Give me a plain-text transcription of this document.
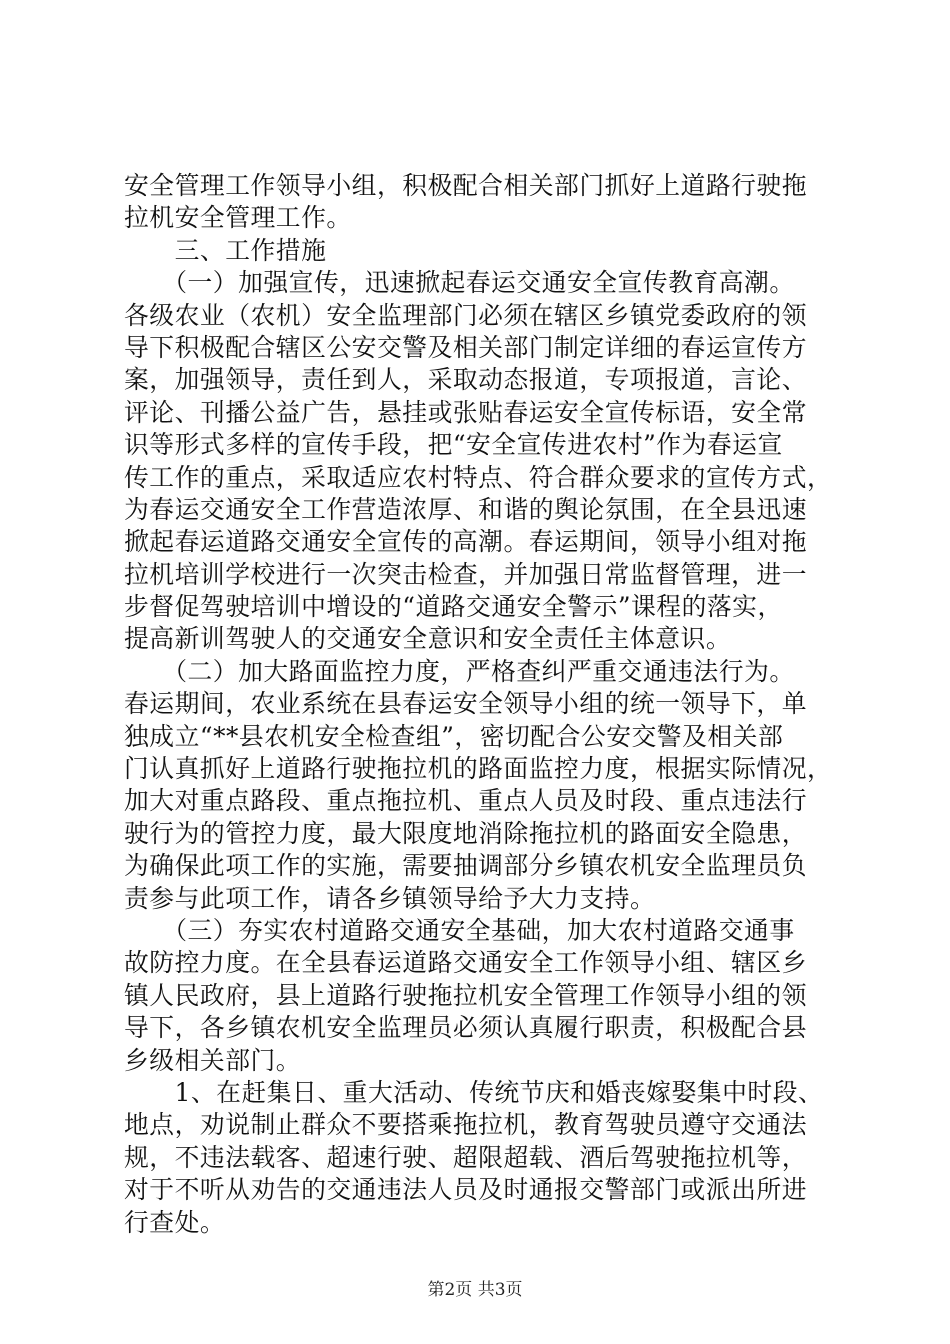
安全管理工作领导小组，积极配合相关部门抓好上道路行驶拖
拉机安全管理工作。
　　三、工作措施
　　（一）加强宣传，迅速掀起春运交通安全宣传教育高潮。
各级农业（农机）安全监理部门必须在辖区乡镇党委政府的领
导下积极配合辖区公安交警及相关部门制定详细的春运宣传方
案，加强领导，责任到人，采取动态报道，专项报道，言论、
评论、刊播公益广告，悬挂或张贴春运安全宣传标语，安全常
识等形式多样的宣传手段，把“安全宣传进农村”作为春运宣
传工作的重点，采取适应农村特点、符合群众要求的宣传方式，
为春运交通安全工作营造浓厚、和谐的舆论氛围，在全县迅速
掀起春运道路交通安全宣传的高潮。春运期间，领导小组对拖
拉机培训学校进行一次突击检查，并加强日常监督管理，进一
步督促驾驶培训中增设的“道路交通安全警示”课程的落实，
提高新训驾驶人的交通安全意识和安全责任主体意识。
　　（二）加大路面监控力度，严格查纠严重交通违法行为。
春运期间，农业系统在县春运安全领导小组的统一领导下，单
独成立“**县农机安全检查组”，密切配合公安交警及相关部
门认真抓好上道路行驶拖拉机的路面监控力度，根据实际情况，
加大对重点路段、重点拖拉机、重点人员及时段、重点违法行
驶行为的管控力度，最大限度地消除拖拉机的路面安全隐患，
为确保此项工作的实施，需要抽调部分乡镇农机安全监理员负
责参与此项工作，请各乡镇领导给予大力支持。
　　（三）夯实农村道路交通安全基础，加大农村道路交通事
故防控力度。在全县春运道路交通安全工作领导小组、辖区乡
镇人民政府，县上道路行驶拖拉机安全管理工作领导小组的领
导下，各乡镇农机安全监理员必须认真履行职责，积极配合县
乡级相关部门。
　　1、在赶集日、重大活动、传统节庆和婚丧嫁娶集中时段、
地点，劝说制止群众不要搭乘拖拉机，教育驾驶员遵守交通法
规，不违法载客、超速行驶、超限超载、酒后驾驶拖拉机等，
对于不听从劝告的交通违法人员及时通报交警部门或派出所进
行查处。
第2页 共3页
